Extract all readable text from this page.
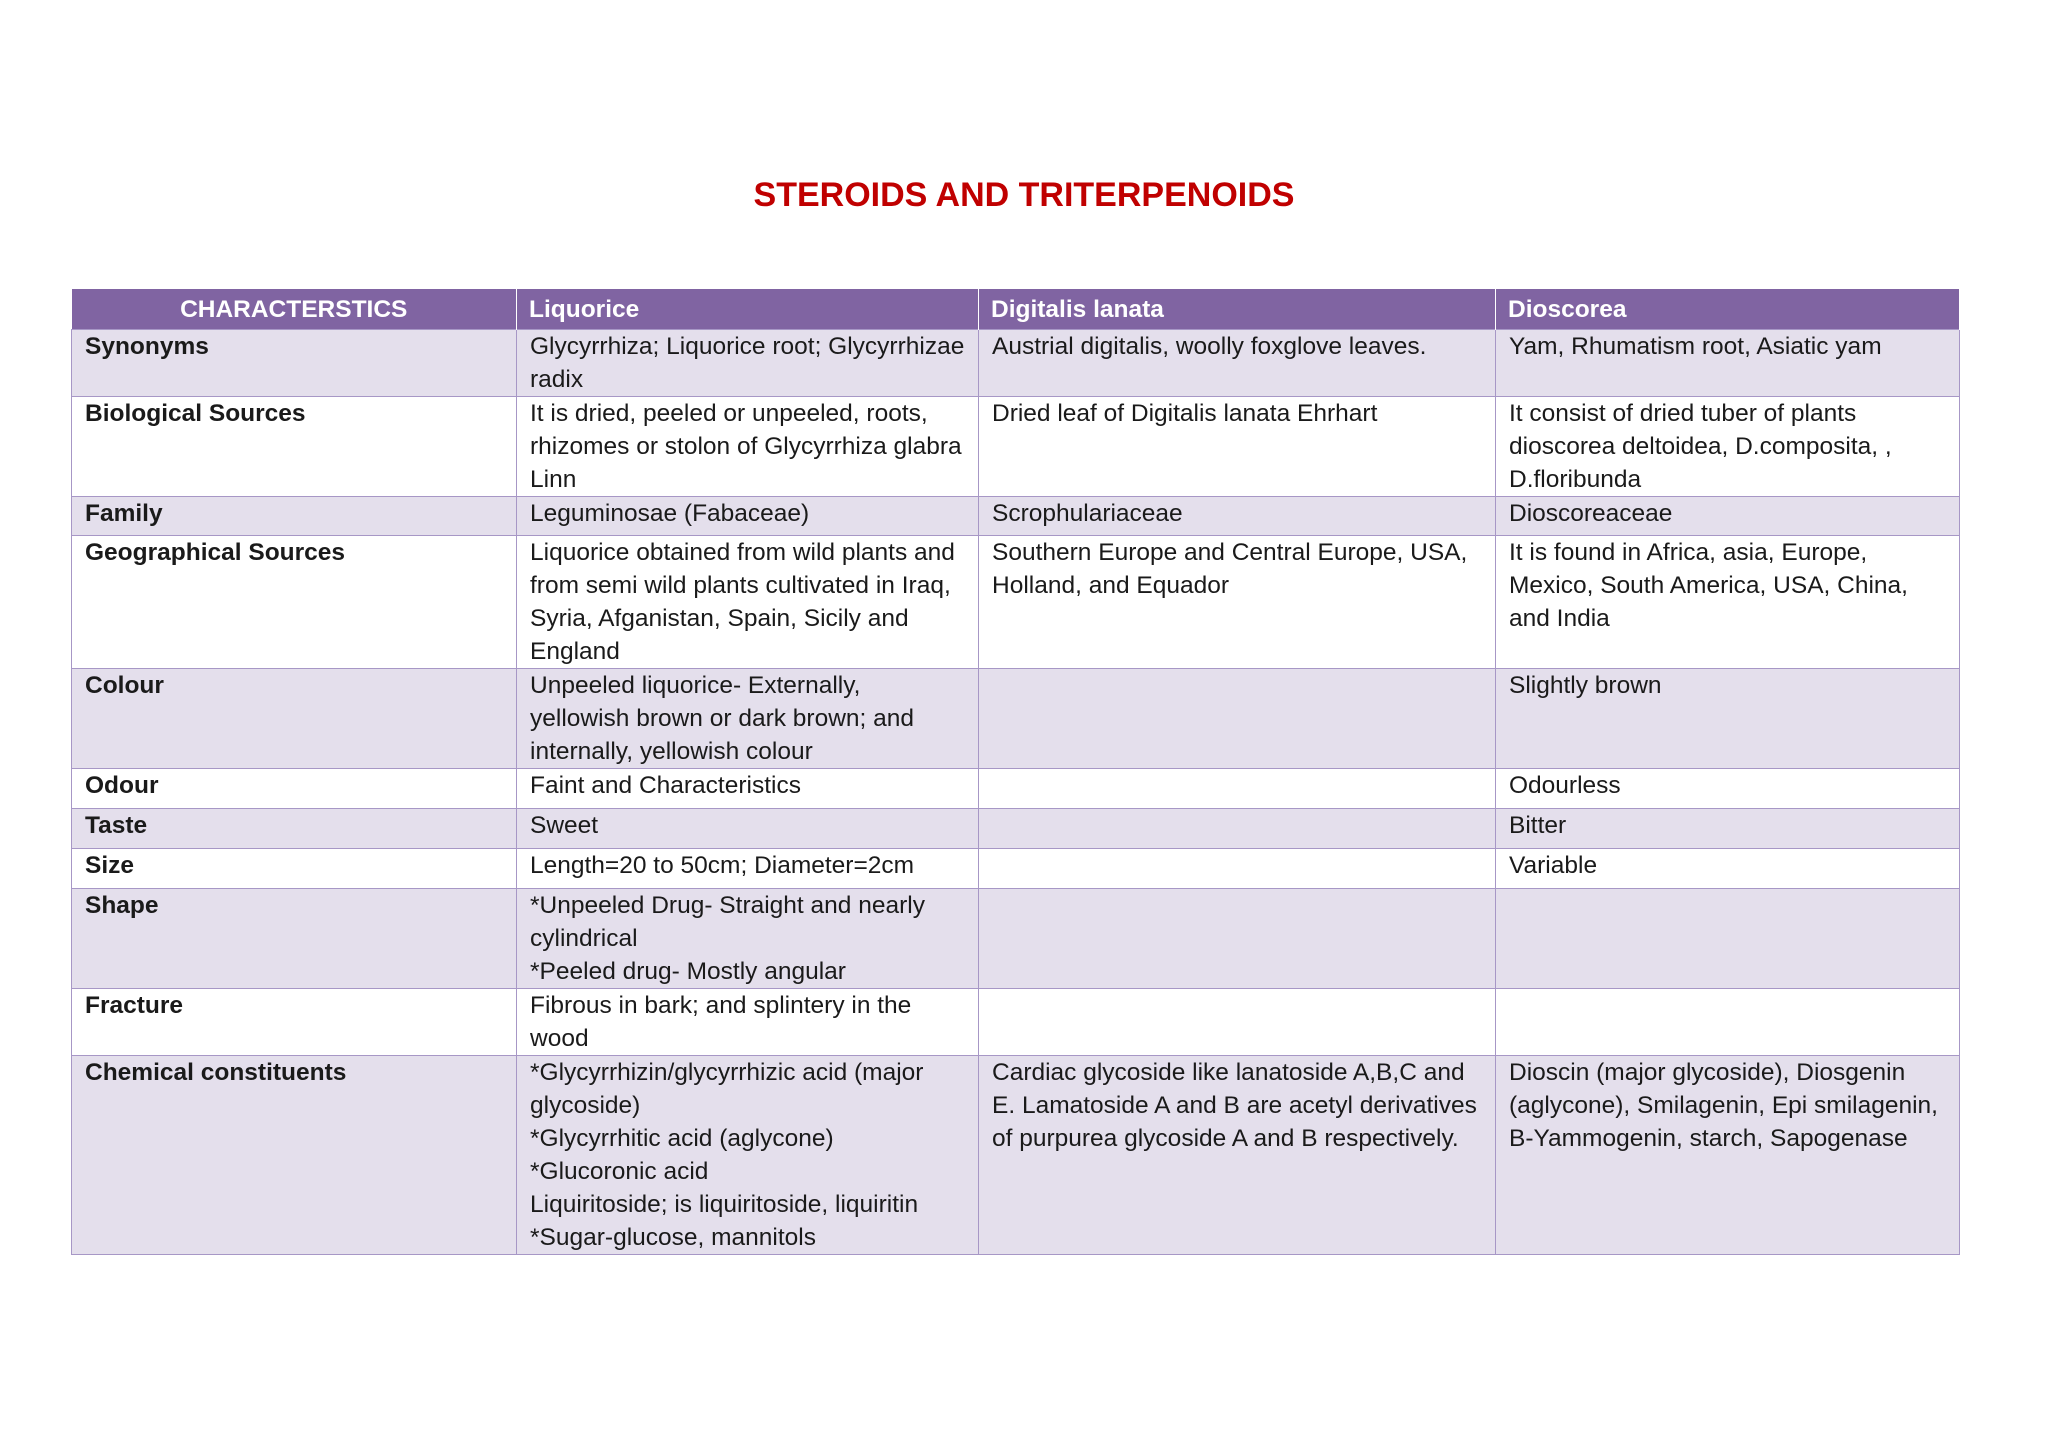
STEROIDS AND TRITERPENOIDS
CHARACTERSTICS	Liquorice	Digitalis lanata	Dioscorea
Synonyms	Glycyrrhiza; Liquorice root; Glycyrrhizae radix	Austrial digitalis, woolly foxglove leaves.	Yam, Rhumatism root, Asiatic yam
Biological Sources	It is dried, peeled or unpeeled, roots, rhizomes or stolon of Glycyrrhiza glabra Linn	Dried leaf of Digitalis lanata Ehrhart	It consist of dried tuber of plants dioscorea deltoidea, D.composita, , D.floribunda
Family	Leguminosae (Fabaceae)	Scrophulariaceae	Dioscoreaceae
Geographical Sources	Liquorice obtained from wild plants and from semi wild plants cultivated in Iraq, Syria, Afganistan, Spain, Sicily and England	Southern Europe and Central Europe, USA, Holland, and Equador	It is found in Africa, asia, Europe, Mexico, South America, USA, China, and India
Colour	Unpeeled liquorice- Externally, yellowish brown or dark brown; and internally, yellowish colour		Slightly brown
Odour	Faint and Characteristics		Odourless
Taste	Sweet		Bitter
Size	Length=20 to 50cm; Diameter=2cm		Variable
Shape	*Unpeeled Drug- Straight and nearly cylindrical
*Peeled drug- Mostly angular		
Fracture	Fibrous in bark; and splintery in the wood		
Chemical constituents	*Glycyrrhizin/glycyrrhizic acid (major glycoside)
*Glycyrrhitic acid (aglycone)
*Glucoronic acid
Liquiritoside; is liquiritoside, liquiritin
*Sugar-glucose, mannitols	Cardiac glycoside like lanatoside A,B,C and E. Lamatoside A and B are acetyl derivatives of purpurea glycoside A and B respectively.	Dioscin (major glycoside), Diosgenin (aglycone), Smilagenin, Epi smilagenin, B-Yammogenin, starch, Sapogenase
